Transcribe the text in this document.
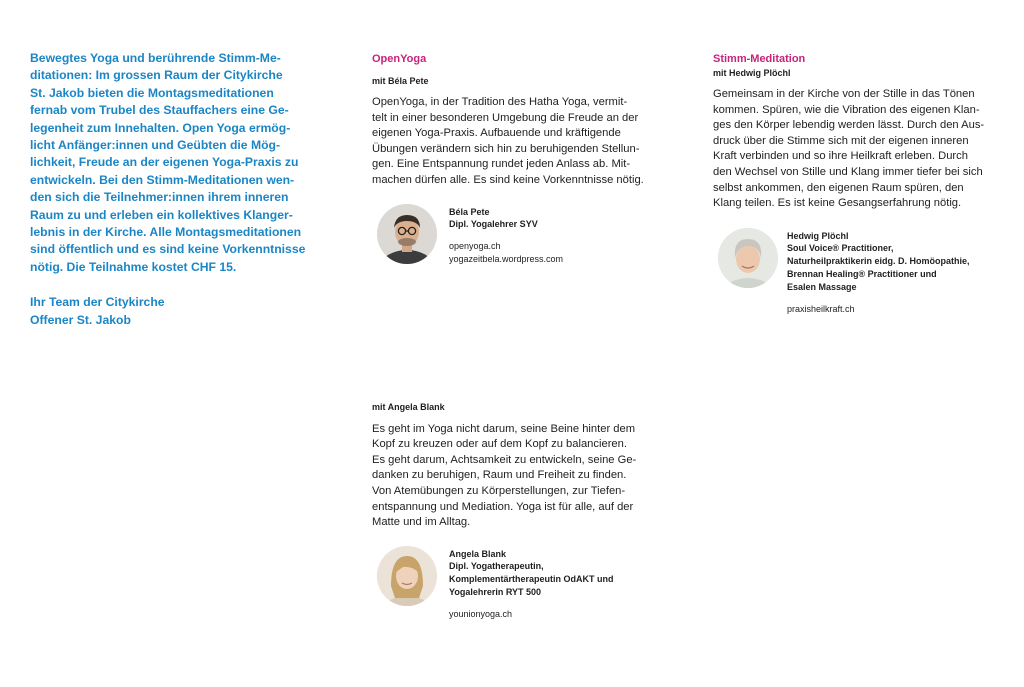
Bewegtes Yoga und berührende Stimm-Me-
ditationen: Im grossen Raum der Citykirche
St. Jakob bieten die Montagsmeditationen
fernab vom Trubel des Stauffachers eine Ge-
legenheit zum Innehalten. Open Yoga ermög-
licht Anfänger:innen und Geübten die Mög-
lichkeit, Freude an der eigenen Yoga-Praxis zu
entwickeln. Bei den Stimm-Meditationen wen-
den sich die Teilnehmer:innen ihrem inneren
Raum zu und erleben ein kollektives Klanger-
lebnis in der Kirche. Alle Montagsmeditationen
sind öffentlich und es sind keine Vorkenntnisse
nötig. Die Teilnahme kostet CHF 15.

Ihr Team der Citykirche
Offener St. Jakob

OpenYoga

mit Béla Pete

OpenYoga, in der Tradition des Hatha Yoga, vermit-
telt in einer besonderen Umgebung die Freude an der
eigenen Yoga-Praxis. Aufbauende und kräftigende
Übungen verändern sich hin zu beruhigenden Stellun-
gen. Eine Entspannung rundet jeden Anlass ab. Mit-
machen dürfen alle. Es sind keine Vorkenntnisse nötig.

Béla Pete

Dipl. Yogalehrer SYV

openyoga.ch

yogazeitbela.wordpress.com

mit Angela Blank

Es geht im Yoga nicht darum, seine Beine hinter dem
Kopf zu kreuzen oder auf dem Kopf zu balancieren.
Es geht darum, Achtsamkeit zu entwickeln, seine Ge-
danken zu beruhigen, Raum und Freiheit zu finden.
Von Atemübungen zu Körperstellungen, zur Tiefen-
entspannung und Mediation. Yoga ist für alle, auf der
Matte und im Alltag.

Angela Blank

Dipl. Yogatherapeutin,
Komplementärtherapeutin OdAKT und
Yogalehrerin RYT 500

younionyoga.ch

Stimm-Meditation

mit Hedwig Plöchl

Gemeinsam in der Kirche von der Stille in das Tönen
kommen. Spüren, wie die Vibration des eigenen Klan-
ges den Körper lebendig werden lässt. Durch den Aus-
druck über die Stimme sich mit der eigenen inneren
Kraft verbinden und so ihre Heilkraft erleben. Durch
den Wechsel von Stille und Klang immer tiefer bei sich
selbst ankommen, den eigenen Raum spüren, den
Klang teilen. Es ist keine Gesangserfahrung nötig.

Hedwig Plöchl

Soul Voice® Practitioner,
Naturheilpraktikerin eidg. D. Homöopathie,
Brennan Healing® Practitioner und
Esalen Massage

praxisheilkraft.ch
